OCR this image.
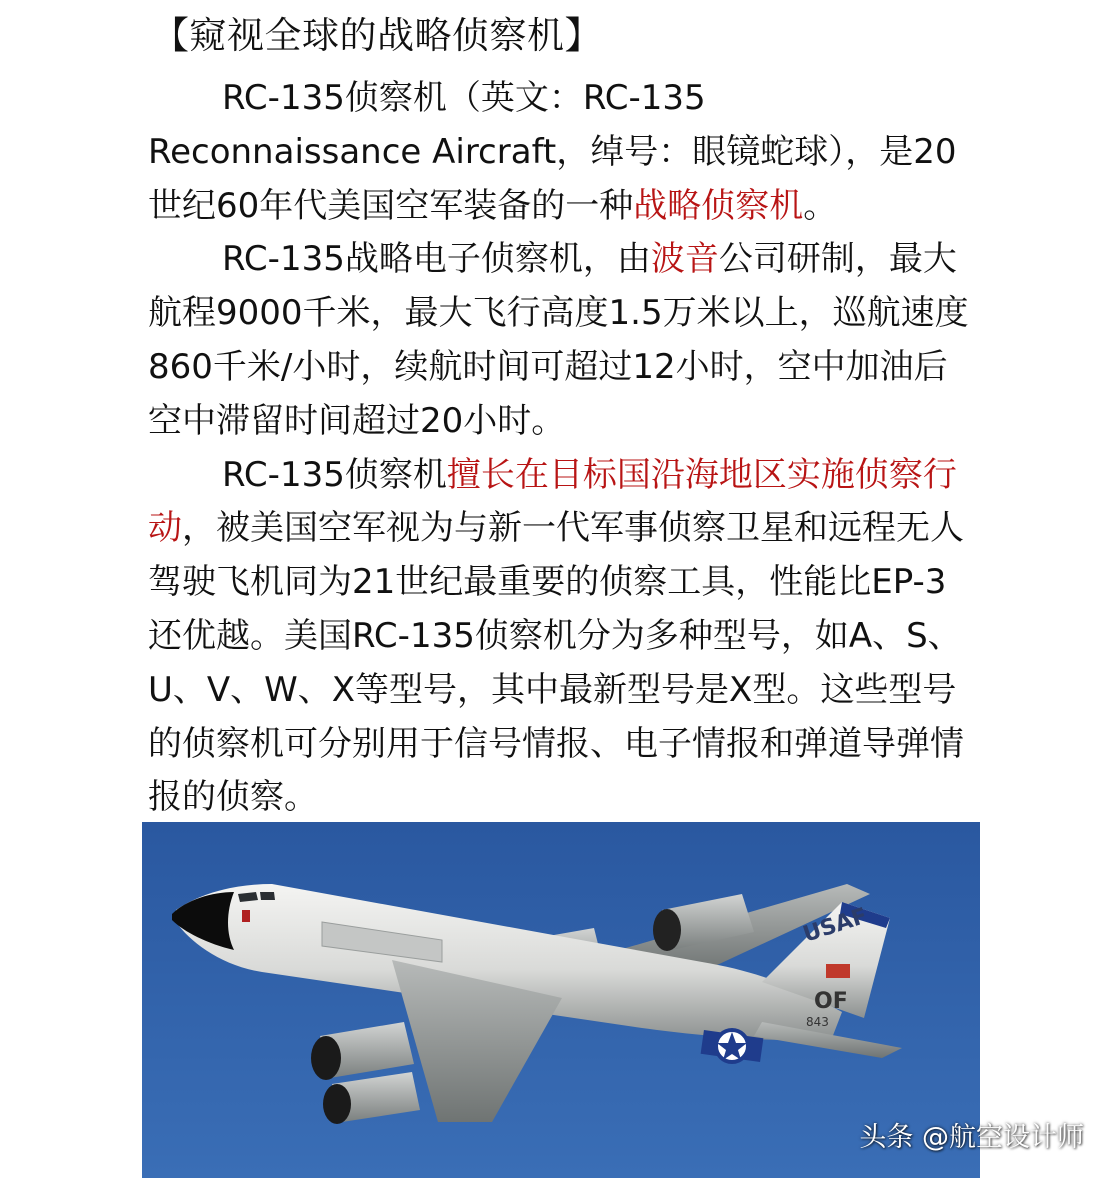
【窥视全球的战略侦察机】

RC-135侦察机（英文：RC-135 Reconnaissance Aircraft，绰号：眼镜蛇球），是20世纪60年代美国空军装备的一种战略侦察机。

RC-135战略电子侦察机，由波音公司研制，最大航程9000千米，最大飞行高度1.5万米以上，巡航速度860千米/小时，续航时间可超过12小时，空中加油后空中滞留时间超过20小时。

RC-135侦察机擅长在目标国沿海地区实施侦察行动，被美国空军视为与新一代军事侦察卫星和远程无人驾驶飞机同为21世纪最重要的侦察工具，性能比EP-3还优越。美国RC-135侦察机分为多种型号，如A、S、U、V、W、X等型号，其中最新型号是X型。这些型号的侦察机可分别用于信号情报、电子情报和弹道导弹情报的侦察。

USAF
OF
843
头条 @航空设计师
